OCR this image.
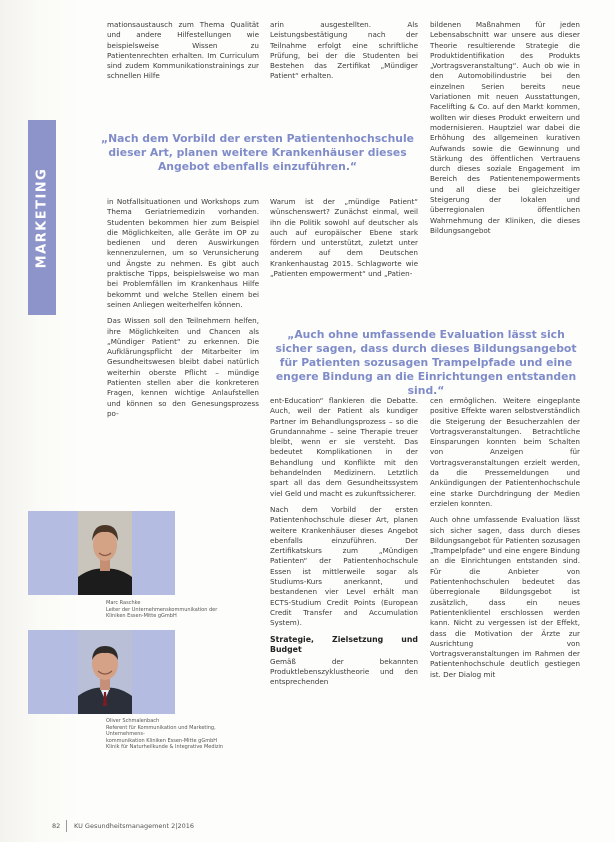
MARKETING

mationsaustausch zum Thema Qualität und andere Hilfestellungen wie beispielsweise Wissen zu Patientenrechten erhalten. Im Curriculum sind zudem Kommunikationstrainings zur schnellen Hilfe

arin ausgestellten. Als Leistungsbestätigung nach der Teilnahme erfolgt eine schriftliche Prüfung, bei der die Studenten bei Bestehen das Zertifikat „Mündiger Patient“ erhalten.

bildenen Maßnahmen für jeden Lebensabschnitt war unsere aus dieser Theorie resultierende Strategie die Produktidentifikation des Produkts „Vortragsveranstaltung“. Auch ob wie in den Automobilindustrie bei den einzelnen Serien bereits neue Variationen mit neuen Ausstattungen, Facelifting & Co. auf den Markt kommen, wollten wir dieses Produkt erweitern und modernisieren. Hauptziel war dabei die Erhöhung des allgemeinen kurativen Aufwands sowie die Gewinnung und Stärkung des öffentlichen Vertrauens durch dieses soziale Engagement im Bereich des Patientenempowerments und all diese bei gleichzeitiger Steigerung der lokalen und überregionalen öffentlichen Wahrnehmung der Kliniken, die dieses Bildungsangebot

„Nach dem Vorbild der ersten Patientenhochschule dieser Art, planen weitere Krankenhäuser dieses Angebot ebenfalls einzuführen.“

in Notfallsituationen und Workshops zum Thema Geriatriemedizin vorhanden. Studenten bekommen hier zum Beispiel die Möglichkeiten, alle Geräte im OP zu bedienen und deren Auswirkungen kennenzulernen, um so Verunsicherung und Ängste zu nehmen. Es gibt auch praktische Tipps, beispielsweise wo man bei Problemfällen im Krankenhaus Hilfe bekommt und welche Stellen einem bei seinen Anliegen weiterhelfen können.

Das Wissen soll den Teilnehmern helfen, ihre Möglichkeiten und Chancen als „Mündiger Patient“ zu erkennen. Die Aufklärungspflicht der Mitarbeiter im Gesundheitswesen bleibt dabei natürlich weiterhin oberste Pflicht – mündige Patienten stellen aber die konkreteren Fragen, kennen wichtige Anlaufstellen und können so den Genesungsprozess po-

Warum ist der „mündige Patient“ wünschenswert? Zunächst einmal, weil ihn die Politik sowohl auf deutscher als auch auf europäischer Ebene stark fördern und unterstützt, zuletzt unter anderem auf dem Deutschen Krankenhaustag 2015. Schlagworte wie „Patienten empowerment“ und „Patien-

„Auch ohne umfassende Evaluation lässt sich sicher sagen, dass durch dieses Bildungsangebot für Patienten sozusagen Trampelpfade und eine engere Bindung an die Einrichtungen entstanden sind.“

ent-Education“ flankieren die Debatte. Auch, weil der Patient als kundiger Partner im Behandlungsprozess – so die Grundannahme – seine Therapie treuer bleibt, wenn er sie versteht. Das bedeutet Komplikationen in der Behandlung und Konflikte mit den behandelnden Medizinern. Letztlich spart all das dem Gesundheitssystem viel Geld und macht es zukunftssicherer.

Nach dem Vorbild der ersten Patientenhochschule dieser Art, planen weitere Krankenhäuser dieses Angebot ebenfalls einzuführen. Der Zertifikatskurs zum „Mündigen Patienten“ der Patientenhochschule Essen ist mittlerweile sogar als Studiums-Kurs anerkannt, und bestandenen vier Level erhält man ECTS-Studium Credit Points (European Credit Transfer and Accumulation System).

Strategie, Zielsetzung und Budget

Gemäß der bekannten Produktlebenszyklustheorie und den entsprechenden

cen ermöglichen. Weitere eingeplante positive Effekte waren selbstverständlich die Steigerung der Besucherzahlen der Vortragsveranstaltungen. Betrachtliche Einsparungen konnten beim Schalten von Anzeigen für Vortragsveranstaltungen erzielt werden, da die Pressemeldungen und Ankündigungen der Patientenhochschule eine starke Durchdringung der Medien erzielen konnten.

Auch ohne umfassende Evaluation lässt sich sicher sagen, dass durch dieses Bildungsangebot für Patienten sozusagen „Trampelpfade“ und eine engere Bindung an die Einrichtungen entstanden sind. Für die Anbieter von Patientenhochschulen bedeutet das überregionale Bildungsgebot ist zusätzlich, dass ein neues Patientenklientel erschlossen werden kann. Nicht zu vergessen ist der Effekt, dass die Motivation der Ärzte zur Ausrichtung von Vortragsveranstaltungen im Rahmen der Patientenhochschule deutlich gestiegen ist. Der Dialog mit

Marc Raschke
Leiter der Unternehmenskommunikation der Kliniken Essen-Mitte gGmbH
Oliver Schmalenbach
Referent für Kommunikation und Marketing, Unternehmens-
kommunikation Kliniken Essen-Mitte gGmbH
Klinik für Naturheilkunde & Integrative Medizin
82 KU Gesundheitsmanagement 2|2016
